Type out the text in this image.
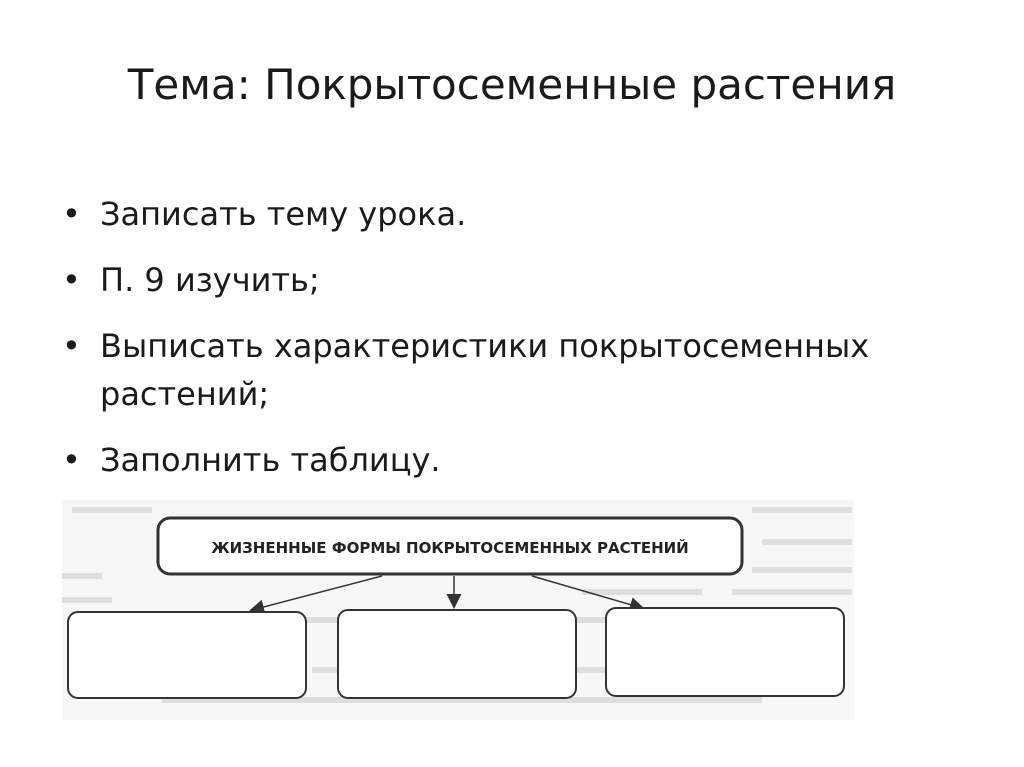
Тема: Покрытосеменные растения
• Записать тему урока.
• П. 9 изучить;
• Выписать характеристики покрытосеменных растений;
• Заполнить таблицу.
ЖИЗНЕННЫЕ ФОРМЫ ПОКРЫТОСЕМЕННЫХ РАСТЕНИЙ
